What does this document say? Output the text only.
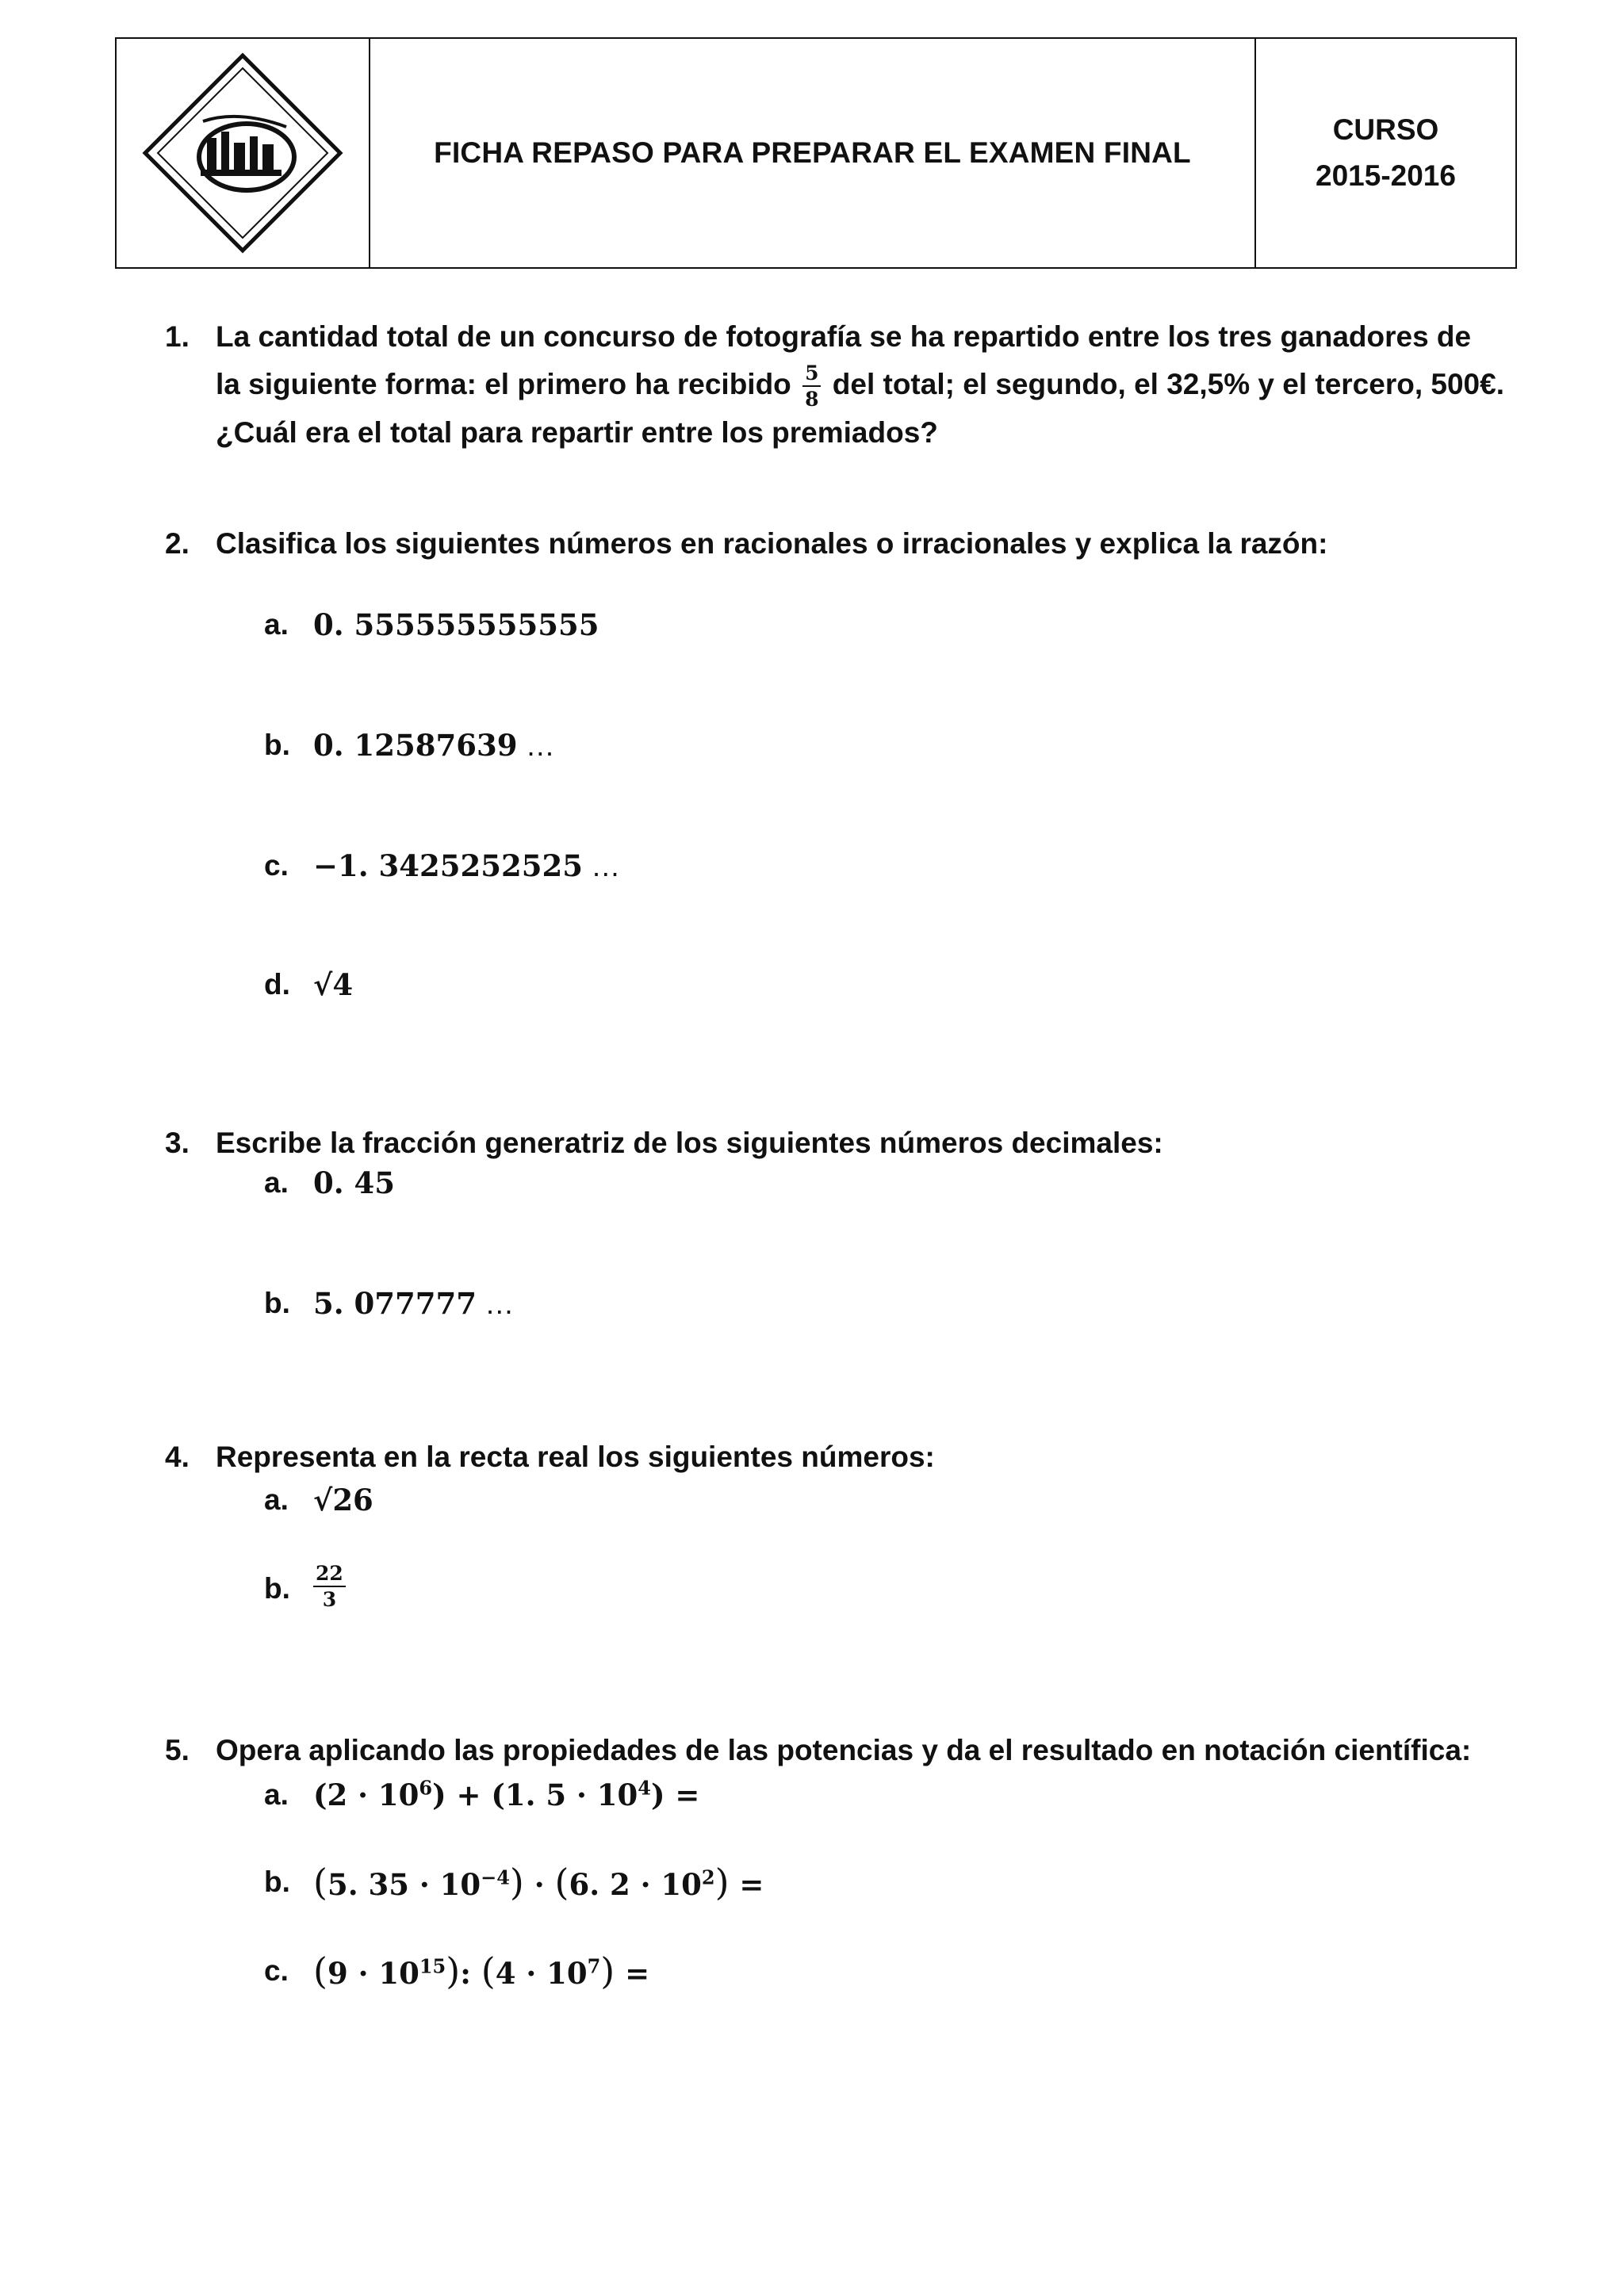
FICHA REPASO PARA PREPARAR EL EXAMEN FINAL
CURSO
2015-2016
1. La cantidad total de un concurso de fotografía se ha repartido entre los tres ganadores de
la siguiente forma: el primero ha recibido $\frac{5}{8}$ del total; el segundo, el 32,5% y el tercero, 500€.
¿Cuál era el total para repartir entre los premiados?
2. Clasifica los siguientes números en racionales o irracionales y explica la razón:
a. 0. 555555555555
b. 0. 12587639 …
c. −1. 3425252525 …
d. √4
3. Escribe la fracción generatriz de los siguientes números decimales:
a. 0. 45
b. 5. 077777 …
4. Representa en la recta real los siguientes números:
a. √26
b. $\frac{22}{3}$
5. Opera aplicando las propiedades de las potencias y da el resultado en notación científica:
a. $(2 \cdot 10^6) + (1$. $5 \cdot 10^4$) =
b. (5. $35 \cdot 10^{-4}) \cdot (6$. $2 \cdot 10^2$) =
c. $(9 \cdot 10^{15})$: $(4 \cdot 10^7)$ =
